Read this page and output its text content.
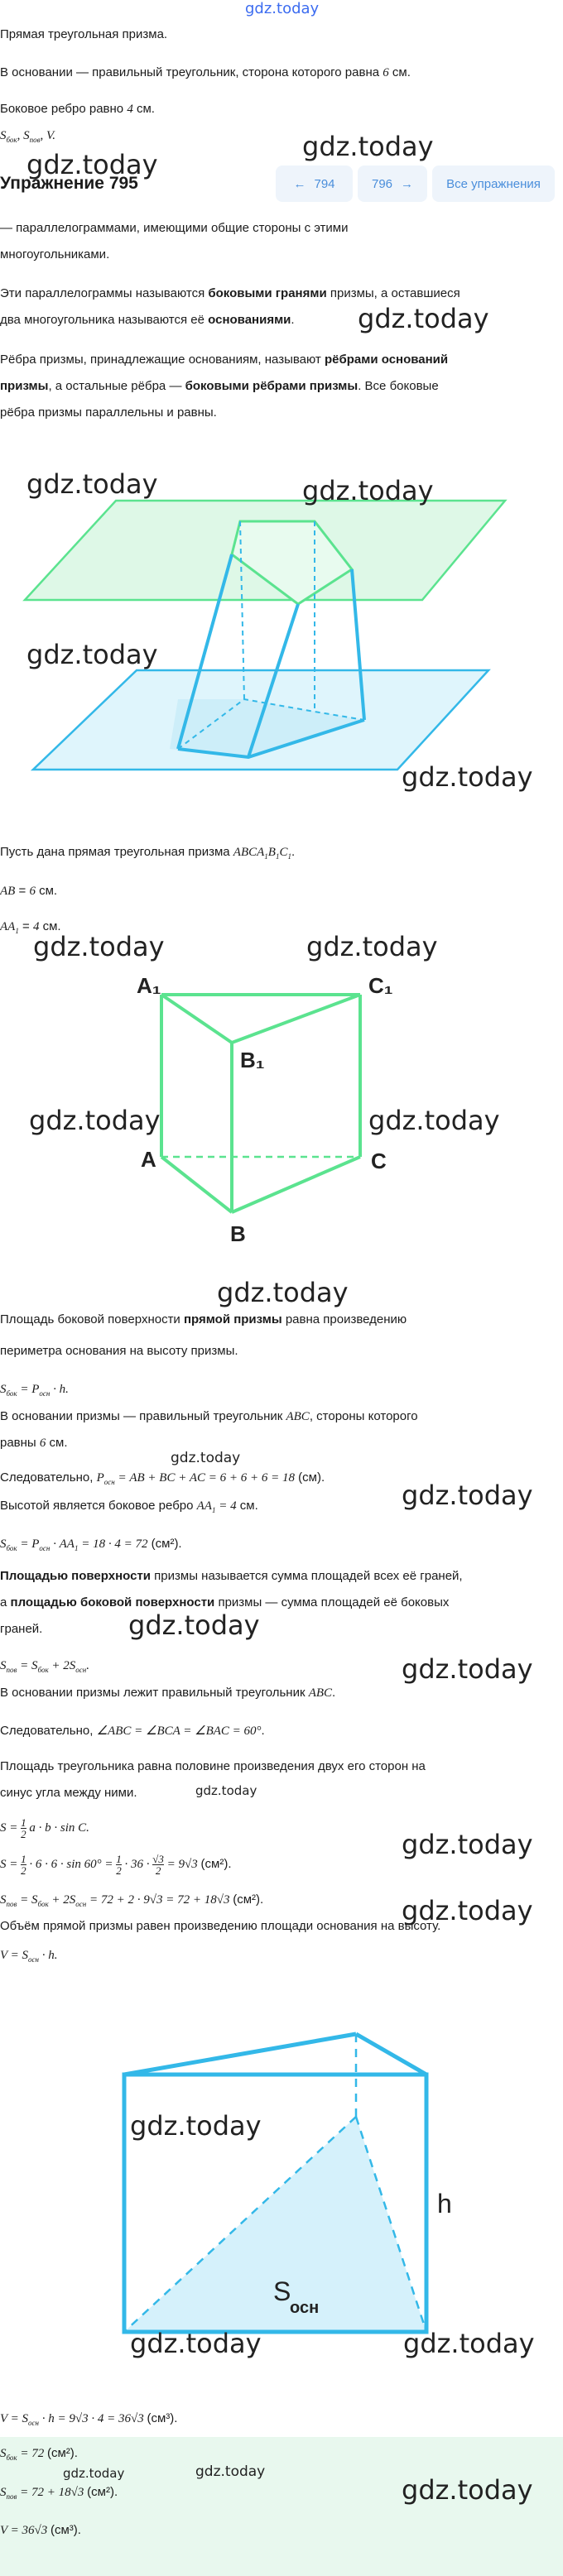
gdz.today
Прямая треугольная призма.
В основании — правильный треугольник, сторона которого равна 6 см.
Боковое ребро равно 4 см.
$S_{бок}$, $S_{пов}$, V.	gdz.today
Упражнение 795	← 794	796 →	Все упражнения
gdz.today
— параллелограммами, имеющими общие стороны с этими
многоугольниками.
Эти параллелограммы называются боковыми гранями призмы, а оставшиеся
два многоугольника называются её основаниями.	gdz.today
Рёбра призмы, принадлежащие основаниям, называют рёбрами оснований
призмы, а остальные рёбра — боковыми рёбрами призмы. Все боковые
рёбра призмы параллельны и равны.
gdz.today	gdz.today
gdz.today
gdz.today
Пусть дана прямая треугольная призма $ABCA_1B_1C_1$.
AB = 6 см.
$AA_1 = 4$ см.
gdz.today	gdz.today
A₁	C₁
B₁
A	C
B
gdz.today	gdz.today
gdz.today
Площадь боковой поверхности прямой призмы равна произведению
периметра основания на высоту призмы.
$S_{бок} = P_{осн} \cdot h$.
В основании призмы — правильный треугольник ABC, стороны которого
равны 6 см.
gdz.today
Следовательно, $P_{осн}$ = AB + BC + AC = 6 + 6 + 6 = 18 (см).
gdz.today
Высотой является боковое ребро $AA_1 = 4$ см.
$S_{бок} = P_{осн} \cdot AA_1 = 18 \cdot 4 = 72$ (см²).
Площадью поверхности призмы называется сумма площадей всех её граней,
а площадью боковой поверхности призмы — сумма площадей её боковых
граней.	gdz.today
gdz.today
$S_{пов} = S_{бок} + 2S_{осн}$.
В основании призмы лежит правильный треугольник ABC.
Следовательно, ∠ABC = ∠BCA = ∠BAC = 60°.
Площадь треугольника равна половине произведения двух его сторон на
синус угла между ними.	gdz.today
$S = \frac{1}{2}$ a · b · sin C.
gdz.today
$S = \frac{1}{2} \cdot 6 \cdot 6 \cdot \sin 60^\circ = \frac{1}{2} \cdot 36 \cdot \frac{√3}{2} = 9√3$ (см²).
$S_{пов} = S_{бок} + 2S_{осн} = 72 + 2 \cdot 9√3 = 72 + 18√3$ (см²).	gdz.today
Объём прямой призмы равен произведению площади основания на высоту.
$V = S_{осн} \cdot h$.
h
S
осн
gdz.today
gdz.today	gdz.today
$V = S_{осн} \cdot h = 9√3 \cdot 4 = 36√3$ (см³).
$S_{бок} = 72$ (см²).
$S_{пов} = 72 + 18√3$ (см²).
gdz.today	gdz.today
gdz.today
V = 36√3 (см³).
